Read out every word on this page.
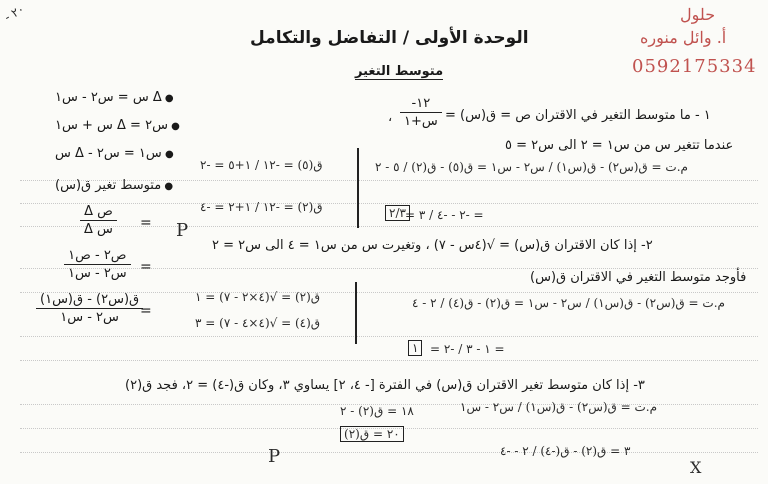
٢٠ -
الوحدة الأولى / التفاضل والتكامل
متوسط التغير
حلول
أ. وائل منوره
0592175334
● Δ س = س٢ - س١
● س٢ = Δ س + س١
● س١ = س٢ - Δ س
● متوسط تغير ق(س)
Δ ص
Δ س =
ص٢ - ص١
س٢ - س١ =
ق(س٢) - ق(س١)
س٢ - س١	=
١ - ما متوسط التغير في الاقتران ص = ق(س) =
-١٢
س+١
،
عندما تتغير س من س١ = ٢ الى س٢ = ٥
ق(٥) = -١٢ / ١+٥ = -٢
ق(٢) = -١٢ / ١+٢ = -٤
P
م.ت = ق(س٢) - ق(س١) / س٢ - س١ = ق(٥) - ق(٢) / ٥ - ٢
= -٢ - -٤ / ٣ =
٢/٣
٢- إذا كان الاقتران ق(س) = √(٤س - ٧) ، وتغيرت س من س١ = ٤ الى س٢ = ٢
فأوجد متوسط التغير في الاقتران ق(س)
ق(٢) = √(٤×٢ - ٧) = ١
ق(٤) = √(٤×٤ - ٧) = ٣
م.ت = ق(س٢) - ق(س١) / س٢ - س١ = ق(٢) - ق(٤) / ٢ - ٤
= ١ - ٣ / -٢ =
١
٣- إذا كان متوسط تغير الاقتران ق(س) في الفترة [- ٤، ٢] يساوي ٣، وكان ق(-٤) = ٢، فجد ق(٢)
م.ت = ق(س٢) - ق(س١) / س٢ - س١
٣ = ق(٢) - ق(-٤) / ٢ - -٤
X
١٨ = ق(٢) - ٢
٢٠ = ق(٢)
P
